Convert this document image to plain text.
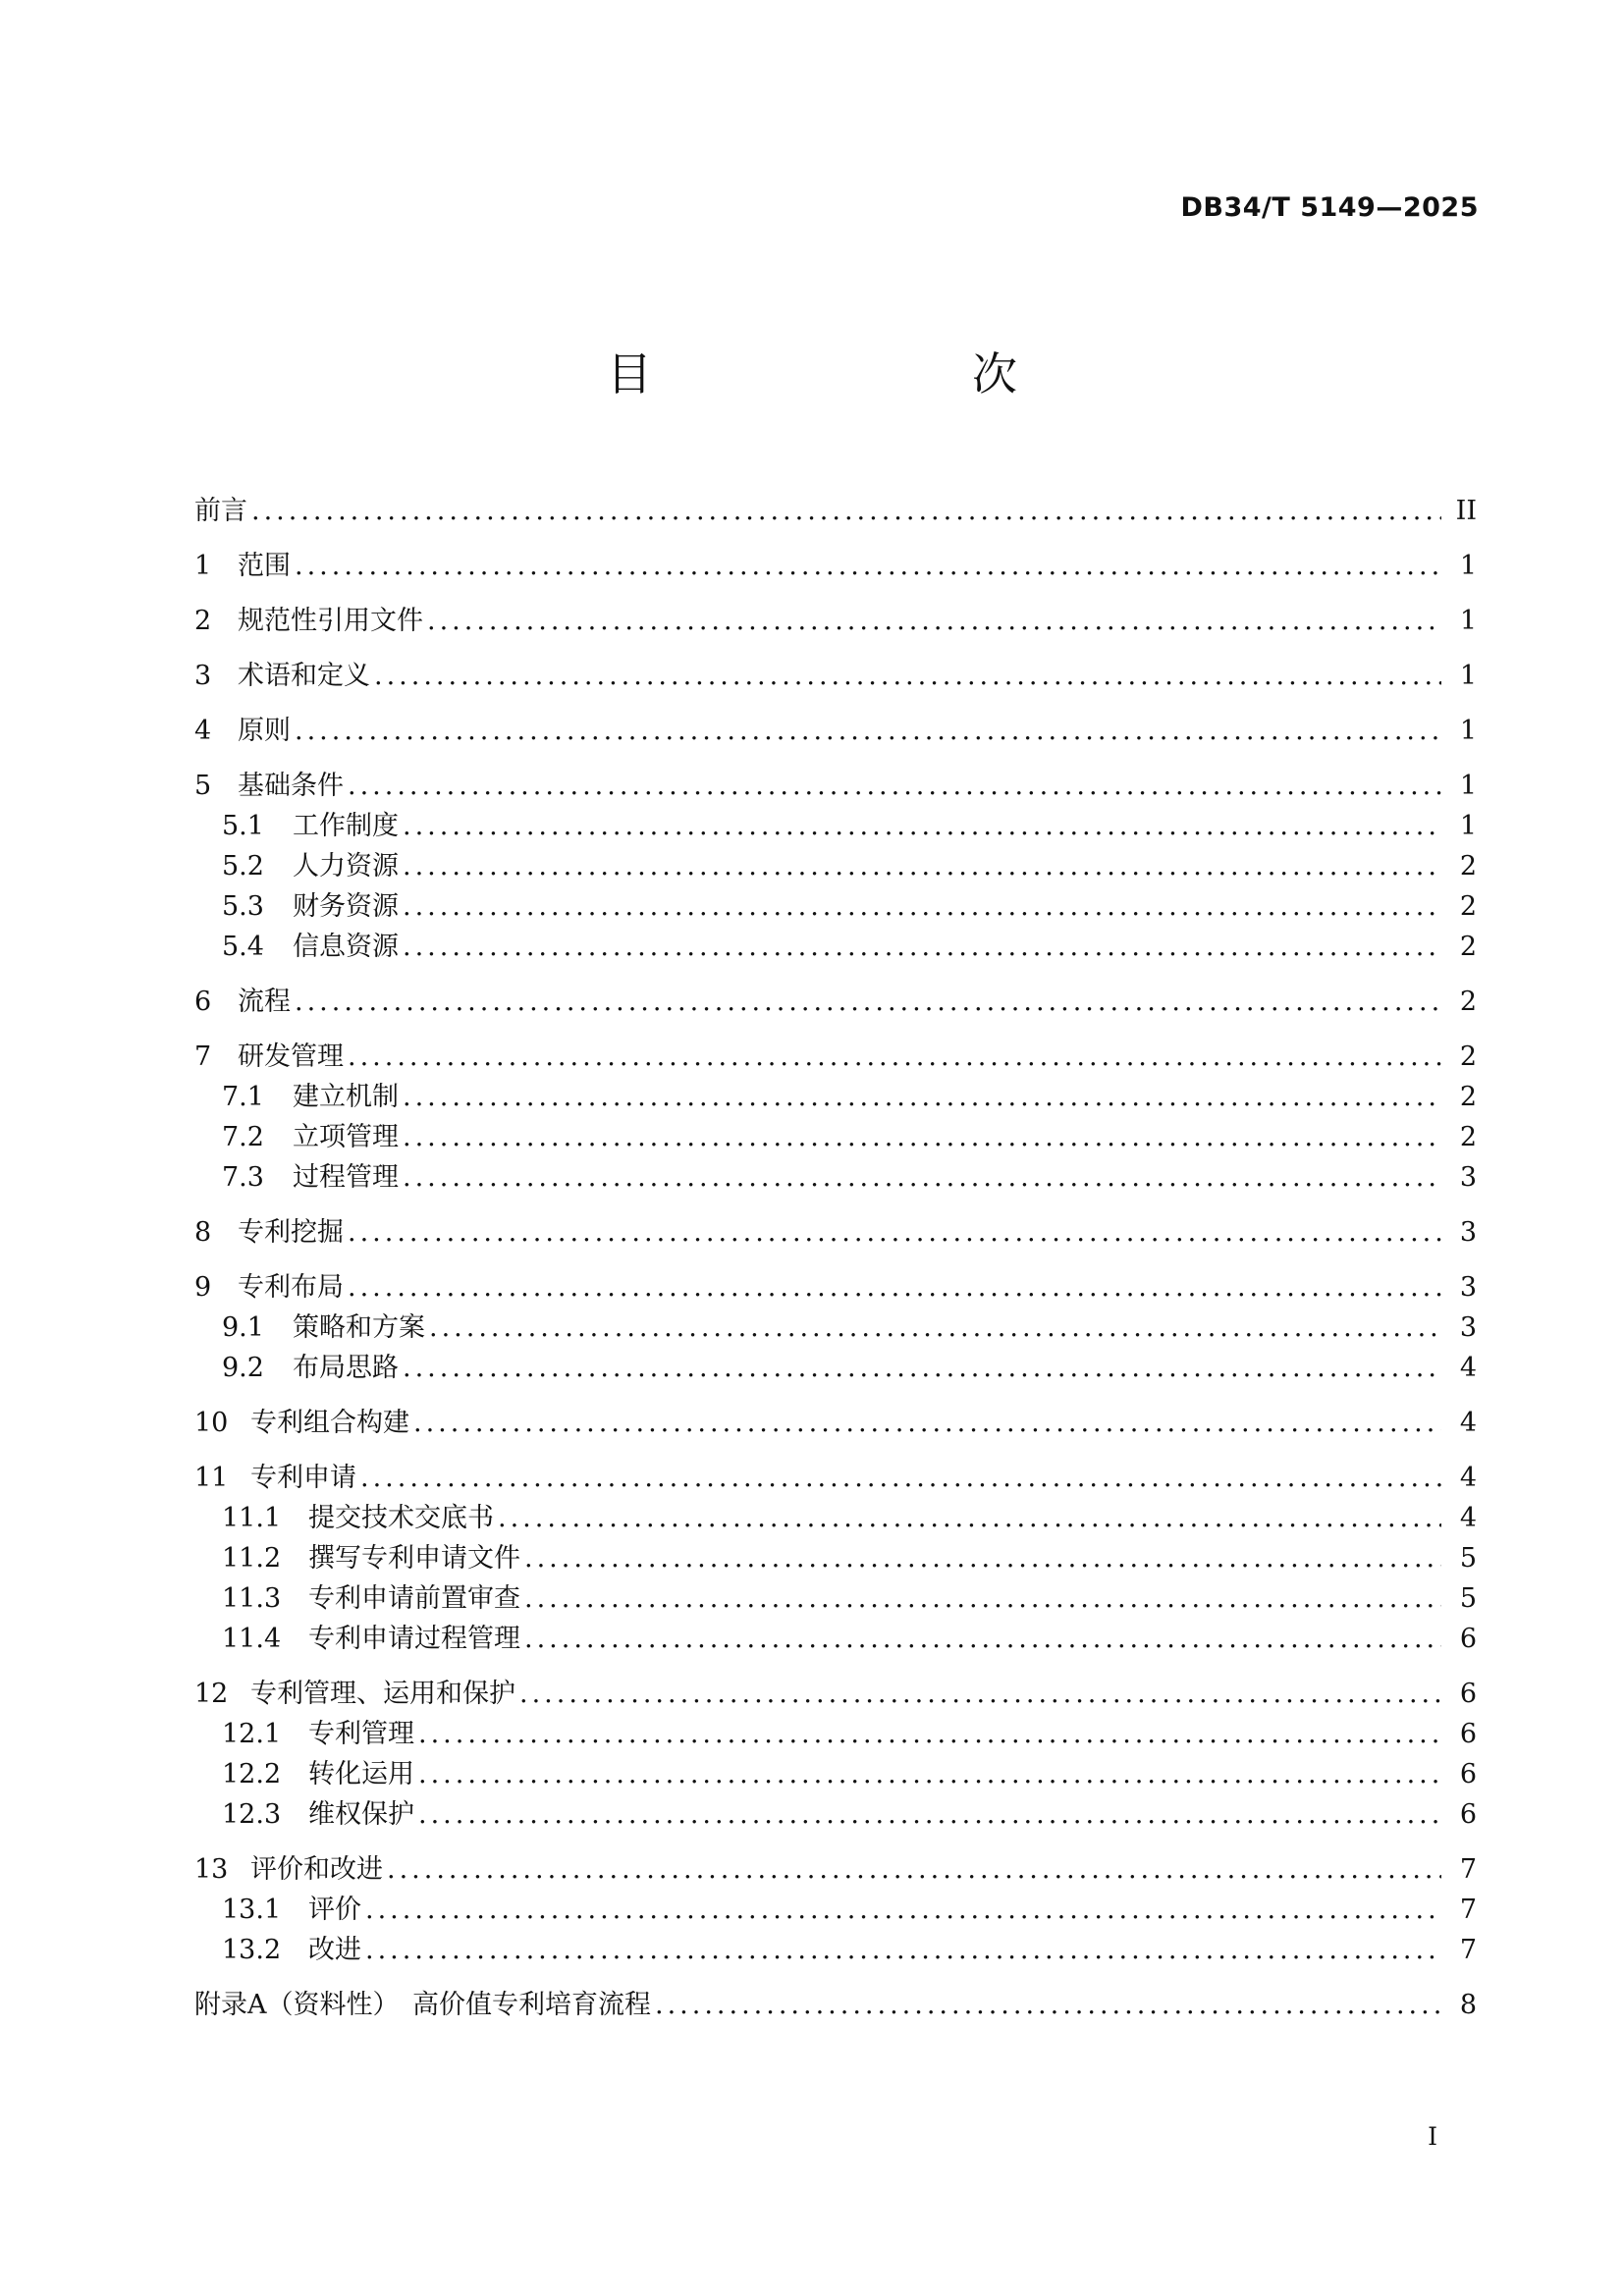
DB34/T 5149—2025
目　　次
前言 .....	II
1 范围 .....	1
2 规范性引用文件 .....	1
3 术语和定义 .....	1
4 原则 .....	1
5 基础条件 .....	1
5.1	工作制度 .....	1
5.2	人力资源 .....	2
5.3	财务资源 .....	2
5.4	信息资源 .....	2
6 流程 .....	2
7 研发管理 .....	2
7.1	建立机制 .....	2
7.2	立项管理 .....	2
7.3	过程管理 .....	3
8 专利挖掘 .....	3
9 专利布局 .....	3
9.1	策略和方案 .....	3
9.2	布局思路 .....	4
10 专利组合构建 .....	4
11 专利申请 .....	4
11.1	提交技术交底书 .....	4
11.2	撰写专利申请文件 .....	5
11.3	专利申请前置审查 .....	5
11.4	专利申请过程管理 .....	6
12 专利管理、运用和保护 .....	6
12.1	专利管理 .....	6
12.2	转化运用 .....	6
12.3	维权保护 .....	6
13 评价和改进 .....	7
13.1	评价 .....	7
13.2	改进 .....	7
附录A（资料性）　高价值专利培育流程 .....	8
I
